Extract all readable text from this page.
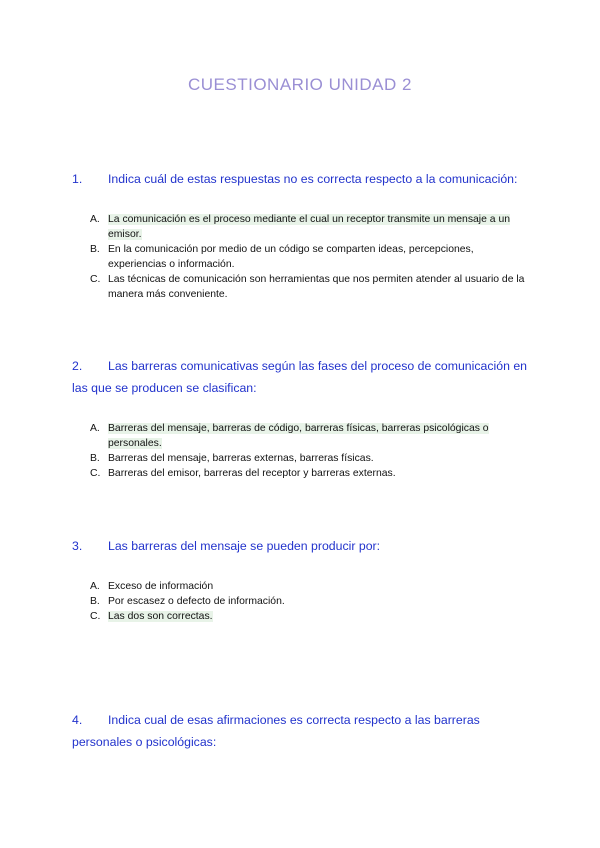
CUESTIONARIO UNIDAD 2
1. Indica cuál de estas respuestas no es correcta respecto a la comunicación:
A. La comunicación es el proceso mediante el cual un receptor transmite un mensaje a un emisor.
B. En la comunicación por medio de un código se comparten ideas, percepciones, experiencias o información.
C. Las técnicas de comunicación son herramientas que nos permiten atender al usuario de la manera más conveniente.
2. Las barreras comunicativas según las fases del proceso de comunicación en las que se producen se clasifican:
A. Barreras del mensaje, barreras de código, barreras físicas, barreras psicológicas o personales.
B. Barreras del mensaje, barreras externas, barreras físicas.
C. Barreras del emisor, barreras del receptor y barreras externas.
3. Las barreras del mensaje se pueden producir por:
A. Exceso de información
B. Por escasez o defecto de información.
C. Las dos son correctas.
4. Indica cual de esas afirmaciones es correcta respecto a las barreras personales o psicológicas:
